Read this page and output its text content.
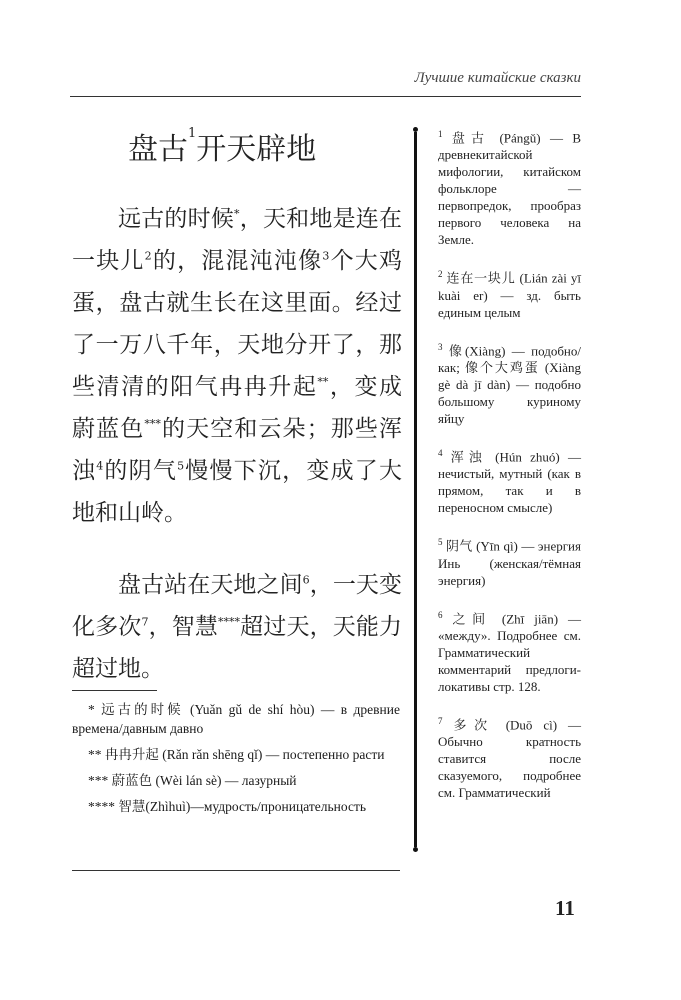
Лучшие китайские сказки
盘古$^1$开天辟地

远古的时候*，天和地是连在一块儿$^2$的，混混沌沌像$^3$个大鸡蛋，盘古就生长在这里面。经过了一万八千年，天地分开了，那些清清的阳气冉冉升起**，变成蔚蓝色***的天空和云朵；那些浑浊$^4$的阴气$^5$慢慢下沉，变成了大地和山岭。

盘古站在天地之间$^6$，一天变化多次$^7$，智慧****超过天，天能力超过地。

* 远古的时候 (Yuǎn gǔ de shí hòu) — в древние времена/давным давно

** 冉冉升起 (Rǎn rǎn shēng qǐ) — постепенно расти

*** 蔚蓝色 (Wèi lán sè) — лазурный

**** 智慧(Zhìhuì)—мудрость/проницательность

$^1$ 盘古 (Pángǔ) — В древнекитайской мифологии, китайском фольклоре — первопредок, прообраз первого человека на Земле.

$^2$ 连在一块儿 (Lián zài yī kuài er) — зд. быть единым целым

$^3$ 像(Xiàng) — подобно/как; 像个大鸡蛋 (Xiàng gè dà jī dàn) — подобно большому куриному яйцу

$^4$ 浑浊 (Hún zhuó) — нечистый, мутный (как в прямом, так и в переносном смысле)

$^5$ 阴气 (Yīn qì) — энергия Инь (женская/тёмная энергия)

$^6$ 之间 (Zhī jiān) — «между». Подробнее см. Грамматический комментарий предлоги-локативы стр. 128.

$^7$ 多次 (Duō cì) — Обычно кратность ставится после сказуемого, подробнее см. Грамматический

11
